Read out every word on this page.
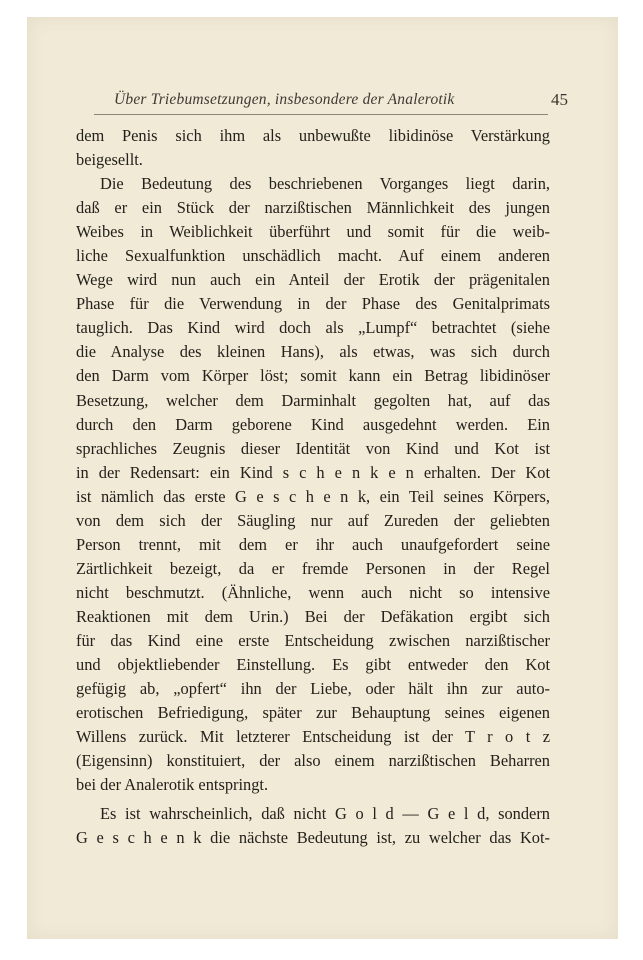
Über Triebumsetzungen, insbesondere der Analerotik	45
dem Penis sich ihm als unbewußte libidinöse Verstärkung
beigesellt.
Die Bedeutung des beschriebenen Vorganges liegt darin,
daß er ein Stück der narzißtischen Männlichkeit des jungen
Weibes in Weiblichkeit überführt und somit für die weib-
liche Sexualfunktion unschädlich macht. Auf einem anderen
Wege wird nun auch ein Anteil der Erotik der prägenitalen
Phase für die Verwendung in der Phase des Genitalprimats
tauglich. Das Kind wird doch als „Lumpf“ betrachtet (siehe
die Analyse des kleinen Hans), als etwas, was sich durch
den Darm vom Körper löst; somit kann ein Betrag libidinöser
Besetzung, welcher dem Darminhalt gegolten hat, auf das
durch den Darm geborene Kind ausgedehnt werden. Ein
sprachliches Zeugnis dieser Identität von Kind und Kot ist
in der Redensart: ein Kind s c h e n k e n erhalten. Der Kot
ist nämlich das erste G e s c h e n k, ein Teil seines Körpers,
von dem sich der Säugling nur auf Zureden der geliebten
Person trennt, mit dem er ihr auch unaufgefordert seine
Zärtlichkeit bezeigt, da er fremde Personen in der Regel
nicht beschmutzt. (Ähnliche, wenn auch nicht so intensive
Reaktionen mit dem Urin.) Bei der Defäkation ergibt sich
für das Kind eine erste Entscheidung zwischen narzißtischer
und objektliebender Einstellung. Es gibt entweder den Kot
gefügig ab, „opfert“ ihn der Liebe, oder hält ihn zur auto-
erotischen Befriedigung, später zur Behauptung seines eigenen
Willens zurück. Mit letzterer Entscheidung ist der T r o t z
(Eigensinn) konstituiert, der also einem narzißtischen Beharren
bei der Analerotik entspringt.
Es ist wahrscheinlich, daß nicht G o l d — G e l d, sondern
G e s c h e n k die nächste Bedeutung ist, zu welcher das Kot-
